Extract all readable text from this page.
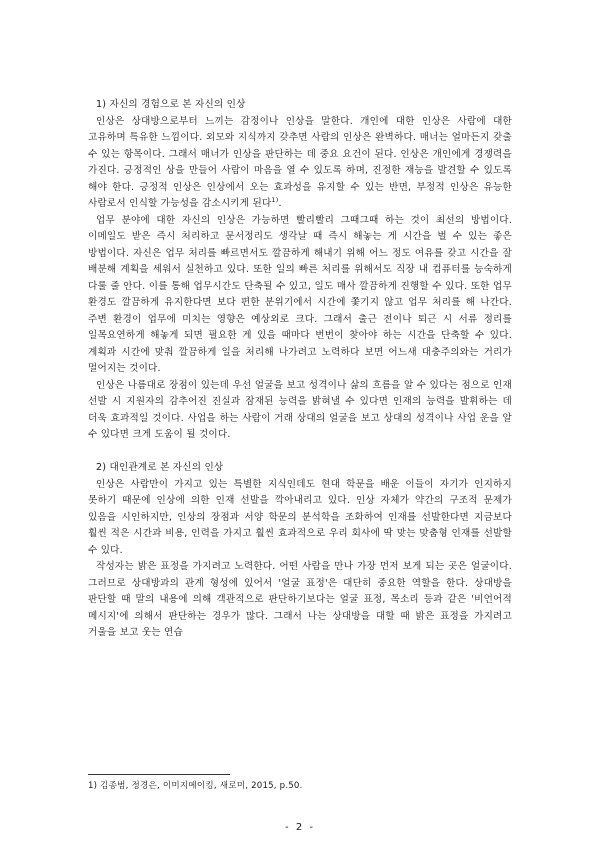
1) 자신의 경험으로 본 자신의 인상

인상은 상대방으로부터 느끼는 감정이나 인상을 말한다. 개인에 대한 인상은 사람에 대한 고유하며 특유한 느낌이다. 외모와 지식까지 갖추면 사람의 인상은 완벽하다. 매너는 얼마든지 갖출 수 있는 항목이다. 그래서 매너가 인상을 판단하는 데 중요 요건이 된다. 인상은 개인에게 경쟁력을 가진다. 긍정적인 상을 만들어 사람이 마음을 열 수 있도록 하며, 진정한 재능을 발견할 수 있도록 해야 한다. 긍정적 인상은 인상에서 오는 효과성을 유지할 수 있는 반면, 부정적 인상은 유능한 사람로서 인식할 가능성을 감소시키게 된다$^{1)}$.

업무 분야에 대한 자신의 인상은 가능하면 빨리빨리 그때그때 하는 것이 최선의 방법이다. 이메일도 받은 즉시 처리하고 문서정리도 생각날 때 즉시 해놓는 게 시간을 벌 수 있는 좋은 방법이다. 자신은 업무 처리를 빠르면서도 깔끔하게 해내기 위해 어느 정도 여유를 갖고 시간을 잘 배분해 계획을 세워서 실천하고 있다. 또한 일의 빠른 처리를 위해서도 직장 내 컴퓨터를 능숙하게 다룰 줄 안다. 이를 통해 업무시간도 단축될 수 있고, 일도 매사 깔끔하게 진행할 수 있다. 또한 업무 환경도 깔끔하게 유지한다면 보다 편한 분위기에서 시간에 쫓기지 않고 업무 처리를 해 나간다. 주변 환경이 업무에 미치는 영향은 예상외로 크다. 그래서 출근 전이나 퇴근 시 서류 정리를 일목요연하게 해놓게 되면 필요한 게 있을 때마다 번번이 찾아야 하는 시간을 단축할 수 있다. 계획과 시간에 맞춰 깔끔하게 일을 처리해 나가려고 노력하다 보면 어느새 대충주의와는 거리가 멀어지는 것이다.

인상은 나름대로 장점이 있는데 우선 얼굴을 보고 성격이나 삶의 흐름을 알 수 있다는 점으로 인재 선발 시 지원자의 감추어진 진실과 잠재된 능력을 밝혀낼 수 있다면 인재의 능력을 발휘하는 데 더욱 효과적일 것이다. 사업을 하는 사람이 거래 상대의 얼굴을 보고 상대의 성격이나 사업 운을 알 수 있다면 크게 도움이 될 것이다.

2) 대인관계로 본 자신의 인상

인상은 사람만이 가지고 있는 특별한 지식인데도 현대 학문을 배운 이들이 자기가 인지하지 못하기 때문에 인상에 의한 인재 선발을 깍아내리고 있다. 인상 자체가 약간의 구조적 문제가 있음을 시인하지만, 인상의 장점과 서양 학문의 분석학을 조화하여 인재를 선발한다면 지금보다 훨씬 적은 시간과 비용, 인력을 가지고 훨씬 효과적으로 우리 회사에 딱 맞는 맞춤형 인재를 선발할 수 있다.

작성자는 밝은 표정을 가지려고 노력한다. 어떤 사람을 만나 가장 먼저 보게 되는 곳은 얼굴이다. 그러므로 상대방과의 관계 형성에 있어서 '얼굴 표정'은 대단히 중요한 역할을 한다. 상대방을 판단할 때 말의 내용에 의해 객관적으로 판단하기보다는 얼굴 표정, 목소리 등과 같은 '비언어적 메시지'에 의해서 판단하는 경우가 많다. 그래서 나는 상대방을 대할 때 밝은 표정을 가지려고 거울을 보고 웃는 연습

1) 김종범, 정경은, 이미지메이킹, 새로미, 2015, p.50.
- 2 -
